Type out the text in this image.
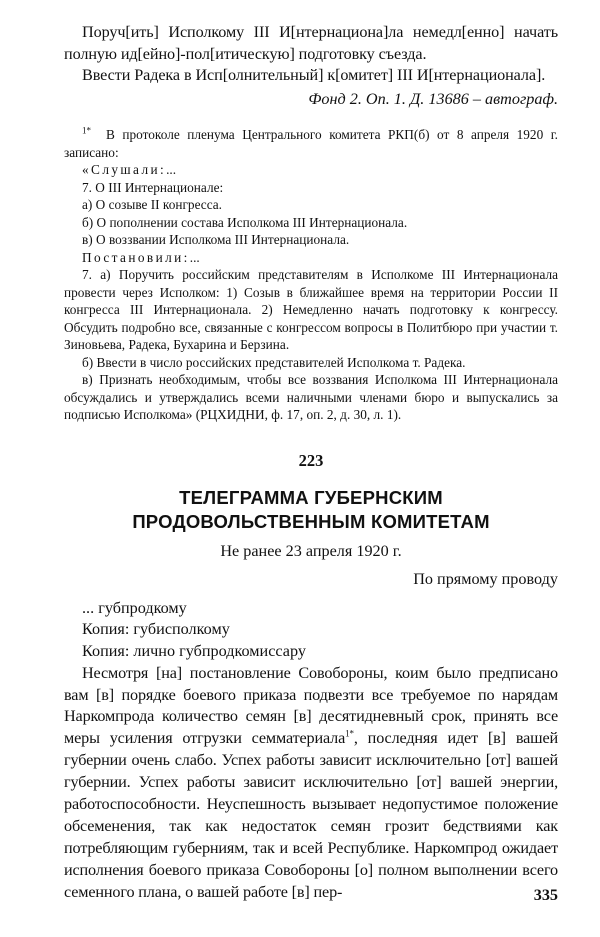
Поруч[ить] Исполкому III И[нтернациона]ла немедл[енно] начать полную ид[ейно]-пол[итическую] подготовку съезда.

Ввести Радека в Исп[олнительный] к[омитет] III И[нтернационала].

Фонд 2. Оп. 1. Д. 13686 – автограф.

$^{1*}$ В протоколе пленума Центрального комитета РКП(б) от 8 апреля 1920 г. записано:

«Слушали:...

7. О III Интернационале:

а) О созыве II конгресса.

б) О пополнении состава Исполкома III Интернационала.

в) О воззвании Исполкома III Интернационала.

Постановили:...

7. а) Поручить российским представителям в Исполкоме III Интернационала провести через Исполком: 1) Созыв в ближайшее время на территории России II конгресса III Интернационала. 2) Немедленно начать подготовку к конгрессу. Обсудить подробно все, связанные с конгрессом вопросы в Политбюро при участии т. Зиновьева, Радека, Бухарина и Берзина.

б) Ввести в число российских представителей Исполкома т. Радека.

в) Признать необходимым, чтобы все воззвания Исполкома III Интернационала обсуждались и утверждались всеми наличными членами бюро и выпускались за подписью Исполкома» (РЦХИДНИ, ф. 17, оп. 2, д. 30, л. 1).

223

ТЕЛЕГРАММА ГУБЕРНСКИМ
ПРОДОВОЛЬСТВЕННЫМ КОМИТЕТАМ

Не ранее 23 апреля 1920 г.

По прямому проводу

... губпродкому

Копия: губисполкому

Копия: лично губпродкомиссару

Несмотря [на] постановление Совобороны, коим было предписано вам [в] порядке боевого приказа подвезти все требуемое по нарядам Наркомпрода количество семян [в] десятидневный срок, принять все меры усиления отгрузки семматериала$^{1*}$, последняя идет [в] вашей губернии очень слабо. Успех работы зависит исключительно [от] вашей губернии. Успех работы зависит исключительно [от] вашей энергии, работоспособности. Неуспешность вызывает недопустимое положение обсеменения, так как недостаток семян грозит бедствиями как потребляющим губерниям, так и всей Республике. Наркомпрод ожидает исполнения боевого приказа Совобороны [о] полном выполнении всего семенного плана, о вашей работе [в] пер-	335
